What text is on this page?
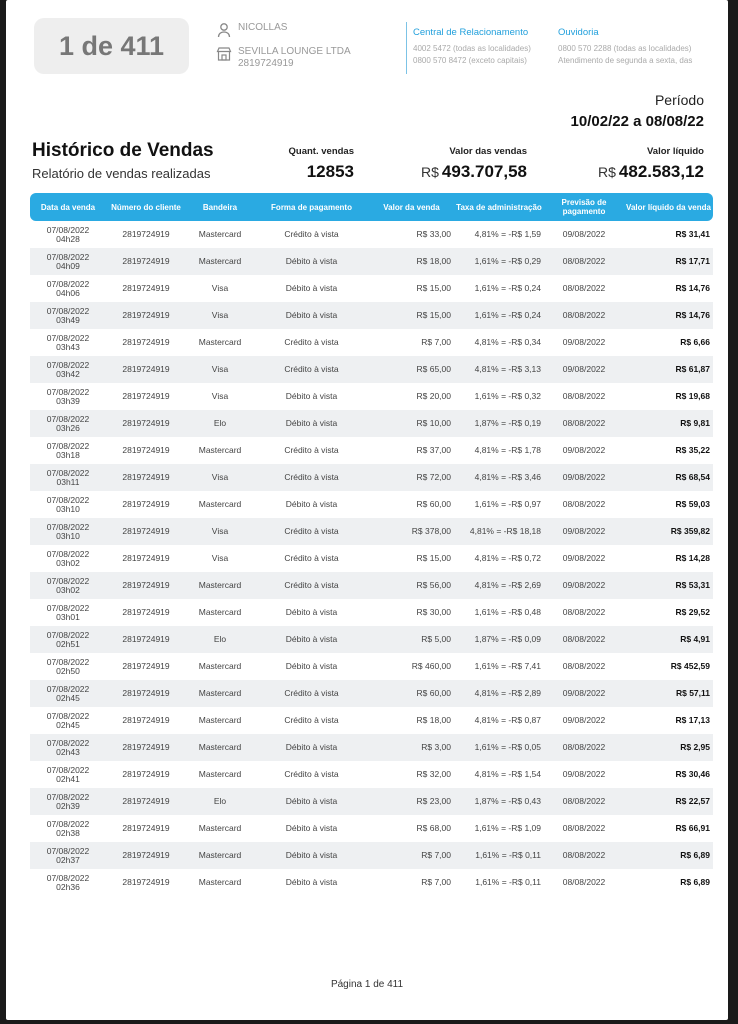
1 de 411
NICOLLAS
SEVILLA LOUNGE LTDA
2819724919
Central de Relacionamento
4002 5472 (todas as localidades)
0800 570 8472 (exceto capitais)
Ouvidoria
0800 570 2288 (todas as localidades)
Atendimento de segunda a sexta, das
Período
10/02/22 a 08/08/22
Histórico de Vendas

Relatório de vendas realizadas

Quant. vendas
12853
Valor das vendas
R$ 493.707,58
Valor líquido
R$ 482.583,12
Data da venda	Número do cliente	Bandeira	Forma de pagamento	Valor da venda	Taxa de administração	Previsão de pagamento	Valor líquido da venda

07/08/2022
04h28	2819724919	Mastercard	Crédito à vista	R$ 33,00	4,81% = -R$ 1,59	09/08/2022	R$ 31,41

07/08/2022
04h09	2819724919	Mastercard	Débito à vista	R$ 18,00	1,61% = -R$ 0,29	08/08/2022	R$ 17,71

07/08/2022
04h06	2819724919	Visa	Débito à vista	R$ 15,00	1,61% = -R$ 0,24	08/08/2022	R$ 14,76

07/08/2022
03h49	2819724919	Visa	Débito à vista	R$ 15,00	1,61% = -R$ 0,24	08/08/2022	R$ 14,76

07/08/2022
03h43	2819724919	Mastercard	Crédito à vista	R$ 7,00	4,81% = -R$ 0,34	09/08/2022	R$ 6,66

07/08/2022
03h42	2819724919	Visa	Crédito à vista	R$ 65,00	4,81% = -R$ 3,13	09/08/2022	R$ 61,87

07/08/2022
03h39	2819724919	Visa	Débito à vista	R$ 20,00	1,61% = -R$ 0,32	08/08/2022	R$ 19,68

07/08/2022
03h26	2819724919	Elo	Débito à vista	R$ 10,00	1,87% = -R$ 0,19	08/08/2022	R$ 9,81

07/08/2022
03h18	2819724919	Mastercard	Crédito à vista	R$ 37,00	4,81% = -R$ 1,78	09/08/2022	R$ 35,22

07/08/2022
03h11	2819724919	Visa	Crédito à vista	R$ 72,00	4,81% = -R$ 3,46	09/08/2022	R$ 68,54

07/08/2022
03h10	2819724919	Mastercard	Débito à vista	R$ 60,00	1,61% = -R$ 0,97	08/08/2022	R$ 59,03

07/08/2022
03h10	2819724919	Visa	Crédito à vista	R$ 378,00	4,81% = -R$ 18,18	09/08/2022	R$ 359,82

07/08/2022
03h02	2819724919	Visa	Crédito à vista	R$ 15,00	4,81% = -R$ 0,72	09/08/2022	R$ 14,28

07/08/2022
03h02	2819724919	Mastercard	Crédito à vista	R$ 56,00	4,81% = -R$ 2,69	09/08/2022	R$ 53,31

07/08/2022
03h01	2819724919	Mastercard	Débito à vista	R$ 30,00	1,61% = -R$ 0,48	08/08/2022	R$ 29,52

07/08/2022
02h51	2819724919	Elo	Débito à vista	R$ 5,00	1,87% = -R$ 0,09	08/08/2022	R$ 4,91

07/08/2022
02h50	2819724919	Mastercard	Débito à vista	R$ 460,00	1,61% = -R$ 7,41	08/08/2022	R$ 452,59

07/08/2022
02h45	2819724919	Mastercard	Crédito à vista	R$ 60,00	4,81% = -R$ 2,89	09/08/2022	R$ 57,11

07/08/2022
02h45	2819724919	Mastercard	Crédito à vista	R$ 18,00	4,81% = -R$ 0,87	09/08/2022	R$ 17,13

07/08/2022
02h43	2819724919	Mastercard	Débito à vista	R$ 3,00	1,61% = -R$ 0,05	08/08/2022	R$ 2,95

07/08/2022
02h41	2819724919	Mastercard	Crédito à vista	R$ 32,00	4,81% = -R$ 1,54	09/08/2022	R$ 30,46

07/08/2022
02h39	2819724919	Elo	Débito à vista	R$ 23,00	1,87% = -R$ 0,43	08/08/2022	R$ 22,57

07/08/2022
02h38	2819724919	Mastercard	Débito à vista	R$ 68,00	1,61% = -R$ 1,09	08/08/2022	R$ 66,91

07/08/2022
02h37	2819724919	Mastercard	Débito à vista	R$ 7,00	1,61% = -R$ 0,11	08/08/2022	R$ 6,89

07/08/2022
02h36	2819724919	Mastercard	Débito à vista	R$ 7,00	1,61% = -R$ 0,11	08/08/2022	R$ 6,89
Página 1 de 411
